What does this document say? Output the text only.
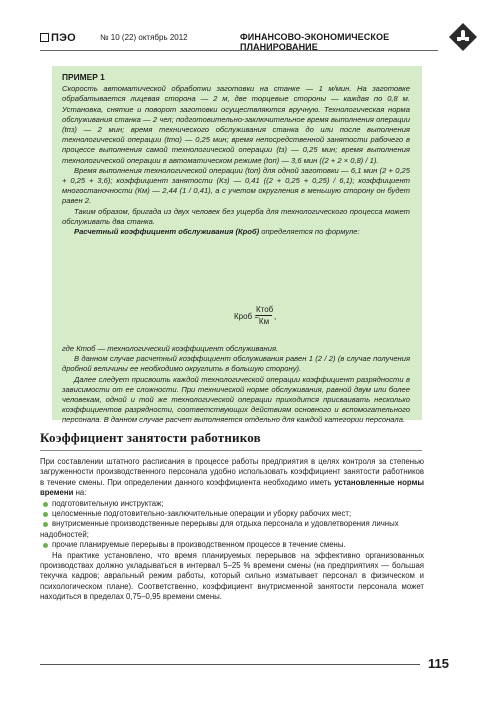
ПЭО	№ 10 (22) октябрь 2012	ФИНАНСОВО-ЭКОНОМИЧЕСКОЕ ПЛАНИРОВАНИЕ
ПРИМЕР 1

Скорость автоматической обработки заготовки на станке — 1 м/мин. На заготовке обрабатывается лицевая сторона — 2 м, две торцевые стороны — каждая по 0,8 м. Установка, снятие и поворот заготовки осуществляются вручную. Технологическая норма обслуживания станка — 2 чел; подготовительно-заключительное время выполнения операции (tпз) — 2 мин; время технического обслуживания станка до или после выполнения технологической операции (tто) — 0,25 мин; время непосредственной занятости рабочего в процессе выполнения самой технологической операции (tз) — 0,25 мин; время выполнения технологической операции в автоматическом режиме (tоп) — 3,6 мин ((2 + 2 × 0,8) / 1).

Время выполнения технологической операции (tоп) для одной заготовки — 6,1 мин (2 + 0,25 + 0,25 + 3,6); коэффициент занятости (Кз) — 0,41 ((2 + 0,25 + 0,25) / 6,1); коэффициент многостаночности (Км) — 2,44 (1 / 0,41), а с учетом округления в меньшую сторону он будет равен 2.

Таким образом, бригада из двух человек без ущерба для технологического процесса может обслуживать два станка.

Расчетный коэффициент обслуживания (Крoб) определяется по формуле:

Крoб =
Ктоб
Км
,

где Ктоб — технологический коэффициент обслуживания.

В данном случае расчетный коэффициент обслуживания равен 1 (2 / 2) (в случае получения дробной величины ее необходимо округлить в большую сторону).

Далее следует присвоить каждой технологической операции коэффициент разрядности в зависимости от ее сложности. При технической норме обслуживания, равной двум или более человекам, одной и той же технологической операции приходится присваивать несколько коэффициентов разрядности, соответствующих действиям основного и вспомогательного персонала. В данном случае расчет выполняется отдельно для каждой категории персонала.

Коэффициент занятости работников

При составлении штатного расписания в процессе работы предприятия в целях контроля за степенью загруженности производственного персонала удобно использовать коэффициент занятости работников в течение смены. При определении данного коэффициента необходимо иметь установленные нормы времени на:

подготовительную инструктаж;
целосменные подготовительно-заключительные операции и уборку рабочих мест;
внутрисменные производственные перерывы для отдыха персонала и удовлетворения личных надобностей;
прочие планируемые перерывы в производственном процессе в течение смены.

На практике установлено, что время планируемых перерывов на эффективно организованных производствах должно укладываться в интервал 5–25 % времени смены (на предприятиях — большая текучка кадров; авральный режим работы, который сильно изматывает персонал в физическом и психологическом плане). Соответственно, коэффициент внутрисменной занятости персонала может находиться в пределах 0,75–0,95 времени смены.

115
